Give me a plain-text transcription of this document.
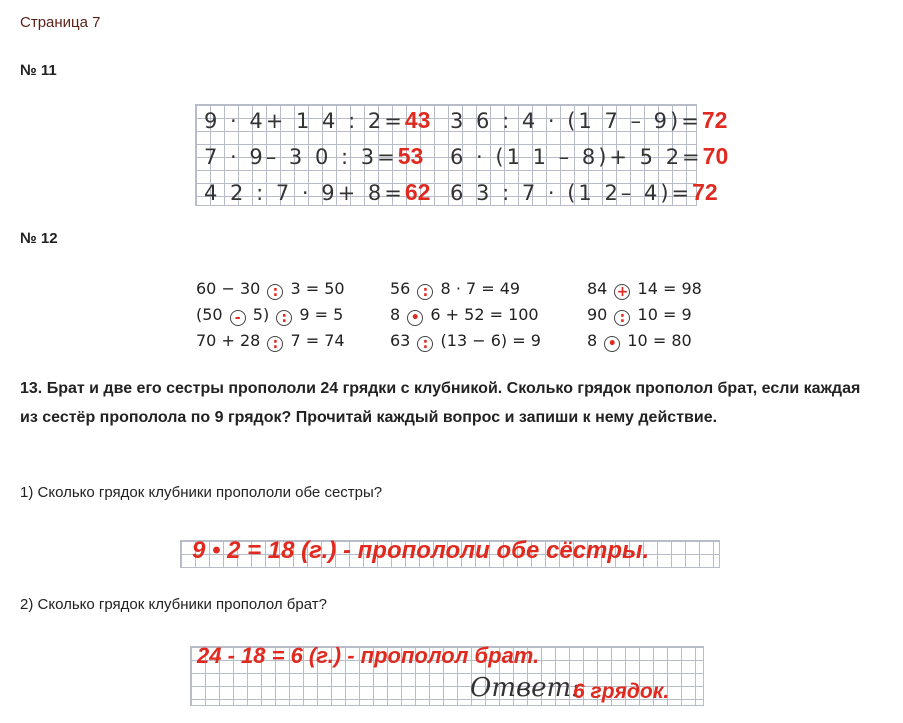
Страница 7
№ 11
9 · 4+ 1 4 : 2=43 3 6 : 4 · (1 7 – 9)=72
7 · 9– 3 0 : 3=53 6 · (1 1 – 8)+ 5 2=70
4 2 : 7 · 9+ 8=62 6 3 : 7 · (1 2– 4)=72
№ 12
60 − 30 : 3 = 50	56 : 8 · 7 = 49	84 + 14 = 98
(50 - 5) : 9 = 5	8 • 6 + 52 = 100	90 : 10 = 9
70 + 28 : 7 = 74	63 : (13 − 6) = 9	8 • 10 = 80
13. Брат и две его сестры пропололи 24 грядки с клубникой. Сколько грядок прополол брат, если каждая из сестёр прополола по 9 грядок? Прочитай каждый вопрос и запиши к нему действие.
1) Сколько грядок клубники пропололи обе сестры?
9 • 2 = 18 (г.) - пропололи обе сёстры.
2) Сколько грядок клубники прополол брат?
24 - 18 = 6 (г.) - прополол брат.
Ответ:
6 грядок.
